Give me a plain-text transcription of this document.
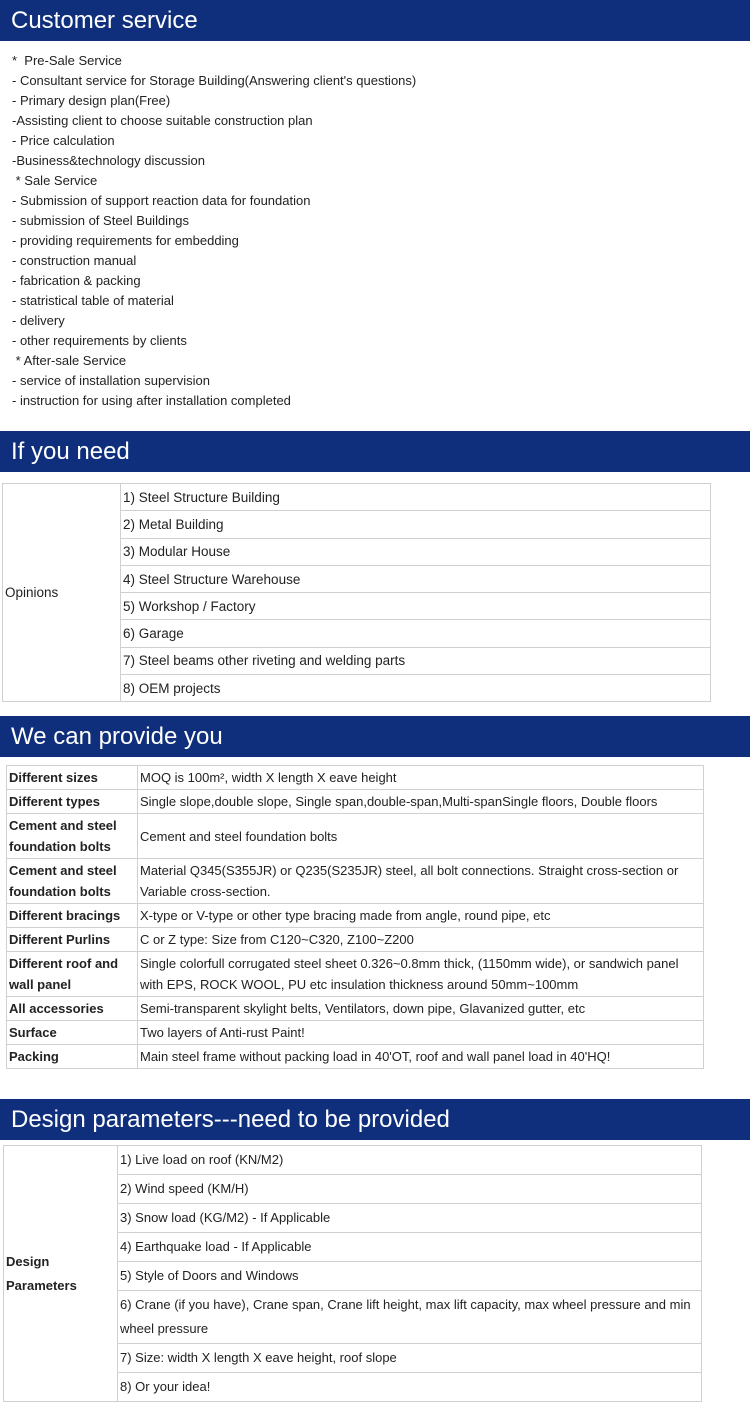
Customer service
*  Pre-Sale Service
- Consultant service for Storage Building(Answering client's questions)
- Primary design plan(Free)
-Assisting client to choose suitable construction plan
- Price calculation
-Business&technology discussion
* Sale Service
- Submission of support reaction data for foundation
- submission of Steel Buildings
- providing requirements for embedding
- construction manual
- fabrication & packing
- statristical table of material
- delivery
- other requirements by clients
* After-sale Service
- service of installation supervision
- instruction for using after installation completed
If you need
Opinions	1) Steel Structure Building
2) Metal Building
3) Modular House
4) Steel Structure Warehouse
5) Workshop / Factory
6) Garage
7) Steel beams other riveting and welding parts
8) OEM projects
We can provide you
Different sizes	MOQ is 100m², width X length X eave height
Different types	Single slope,double slope, Single span,double-span,Multi-spanSingle floors, Double floors
Cement and steel foundation bolts	Cement and steel foundation bolts
Cement and steel foundation bolts	Material Q345(S355JR) or Q235(S235JR) steel, all bolt connections. Straight cross-section or Variable cross-section.
Different bracings	X-type or V-type or other type bracing made from angle, round pipe, etc
Different Purlins	C or Z type: Size from C120~C320, Z100~Z200
Different roof and wall panel	Single colorfull corrugated steel sheet 0.326~0.8mm thick, (1150mm wide), or sandwich panel with EPS, ROCK WOOL, PU etc insulation thickness around 50mm~100mm
All accessories	Semi-transparent skylight belts, Ventilators, down pipe, Glavanized gutter, etc
Surface	Two layers of Anti-rust Paint!
Packing	Main steel frame without packing load in 40'OT, roof and wall panel load in 40'HQ!
Design parameters---need to be provided
Design Parameters	1) Live load on roof (KN/M2)
2) Wind speed (KM/H)
3) Snow load (KG/M2) - If Applicable
4) Earthquake load - If Applicable
5) Style of Doors and Windows
6) Crane (if you have), Crane span, Crane lift height, max lift capacity, max wheel pressure and min wheel pressure
7) Size: width X length X eave height, roof slope
8) Or your idea!
